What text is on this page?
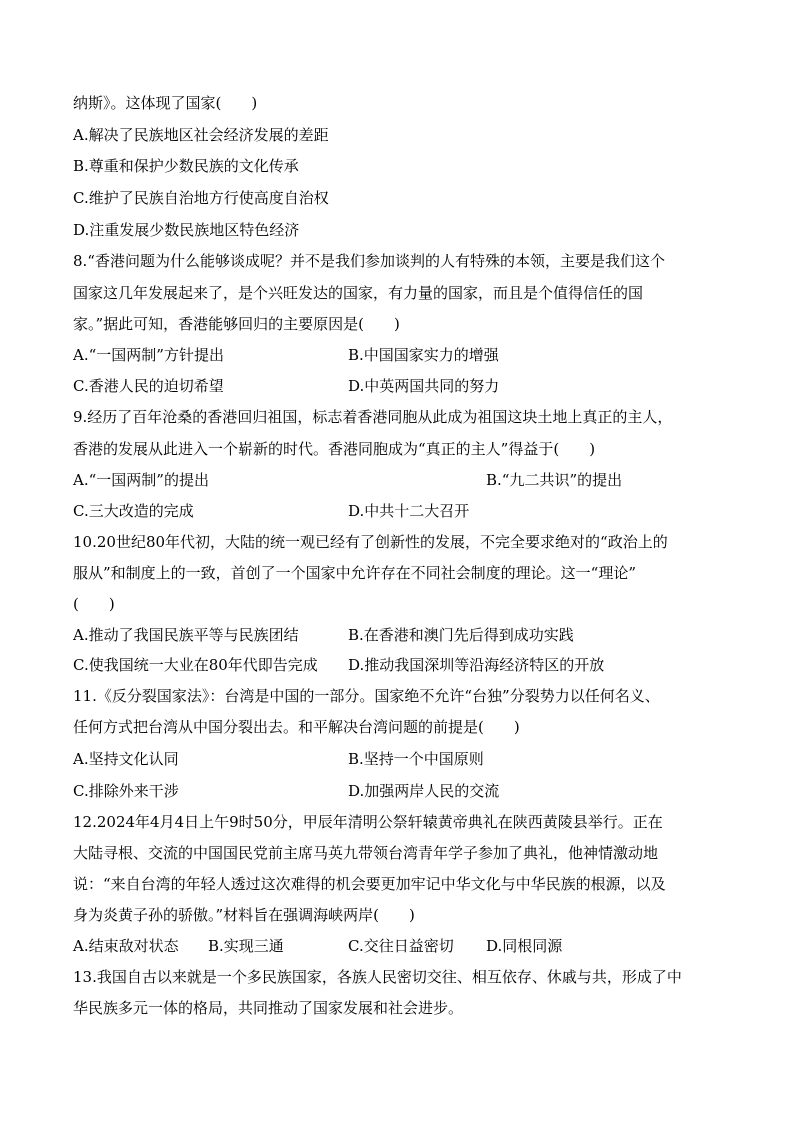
纳斯》。这体现了国家(　　)
A.解决了民族地区社会经济发展的差距
B.尊重和保护少数民族的文化传承
C.维护了民族自治地方行使高度自治权
D.注重发展少数民族地区特色经济
8.“香港问题为什么能够谈成呢？并不是我们参加谈判的人有特殊的本领，主要是我们这个
国家这几年发展起来了，是个兴旺发达的国家，有力量的国家，而且是个值得信任的国
家。”据此可知，香港能够回归的主要原因是(　　)
A.“一国两制”方针提出	B.中国国家实力的增强
C.香港人民的迫切希望	D.中英两国共同的努力
9.经历了百年沧桑的香港回归祖国，标志着香港同胞从此成为祖国这块土地上真正的主人，
香港的发展从此进入一个崭新的时代。香港同胞成为“真正的主人”得益于(　　)
A.“一国两制”的提出	B.“九二共识”的提出
C.三大改造的完成	D.中共十二大召开
10.20世纪80年代初，大陆的统一观已经有了创新性的发展，不完全要求绝对的“政治上的
服从”和制度上的一致，首创了一个国家中允许存在不同社会制度的理论。这一“理论”
(　　)
A.推动了我国民族平等与民族团结	B.在香港和澳门先后得到成功实践
C.使我国统一大业在80年代即告完成 D.推动我国深圳等沿海经济特区的开放
11.《反分裂国家法》：台湾是中国的一部分。国家绝不允许“台独”分裂势力以任何名义、
任何方式把台湾从中国分裂出去。和平解决台湾问题的前提是(　　)
A.坚持文化认同	B.坚持一个中国原则
C.排除外来干涉	D.加强两岸人民的交流
12.2024年4月4日上午9时50分，甲辰年清明公祭轩辕黄帝典礼在陕西黄陵县举行。正在
大陆寻根、交流的中国国民党前主席马英九带领台湾青年学子参加了典礼，他神情激动地
说：“来自台湾的年轻人透过这次难得的机会要更加牢记中华文化与中华民族的根源，以及
身为炎黄子孙的骄傲。”材料旨在强调海峡两岸(　　)
A.结束敌对状态 B.实现三通	C.交往日益密切 D.同根同源
13.我国自古以来就是一个多民族国家，各族人民密切交往、相互依存、休戚与共，形成了中
华民族多元一体的格局，共同推动了国家发展和社会进步。
